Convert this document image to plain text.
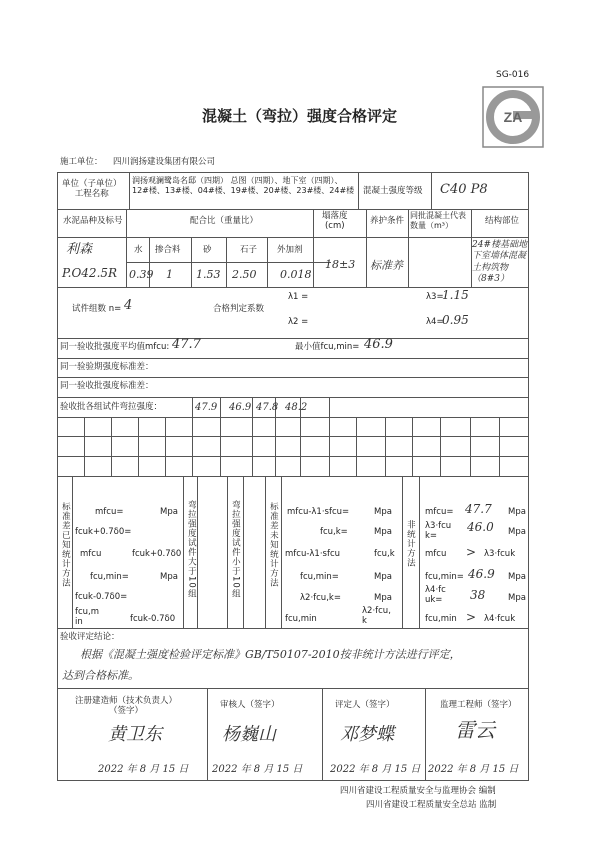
SG-016
ZA
混凝土（弯拉）强度合格评定
施工单位： 四川润扬建设集团有限公司
单位（子单位）
工程名称
润扬观澜鹭岛名邸（四期） 总图（四期）、地下室（四期）、12#楼、13#楼、04#楼、19#楼、20#楼、23#楼、24#楼 混凝土强度等级 C40 P8
水泥品种及标号	配合比（重量比）	塌落度
(cm)
养护条件
同批混凝土代表
数量（m³）	结构部位
利森
P.O42.5R
水 掺合料	砂	石子 外加剂
0.39 1 1.53 2.50 0.018
18±3 标准养
24#楼基础地下室墙体混凝土构筑物（8#3）
试件组数 n= 4	合格判定系数
λ1 =
λ2 =
λ3=
1.15
λ4=
0.95
同一验收批强度平均值mfcu: 47.7	最小值fcu,min= 46.9
同一验验期强度标准差：
同一验收批强度标准差：
验收批各组试件弯拉强度：	47.9 46.9 47.8 48.2
标准差已知统计方法	弯拉强度试件大于10组	弯拉强度试件小于10组	标准差未知统计方法	非统计方法
mfcu=	Mpa
fcuk+0.7δ0=
mfcu	fcuk+0.7δ0
fcu,min=	Mpa
fcuk-0.7δ0=
fcu,m
in	fcuk-0.7δ0
mfcu-λ1·sfcu=	Mpa
fcu,k=	Mpa
mfcu-λ1·sfcu	fcu,k
fcu,min=	Mpa
λ2·fcu,k=	Mpa
fcu,min
λ2·fcu,
k
mfcu= 47.7 Mpa
λ3·fcu
k=
46.0 Mpa
mfcu > λ3·fcuk
fcu,min= 46.9 Mpa
λ4·fc
uk= 38	Mpa
fcu,min > λ4·fcuk
验收评定结论：
根据《混凝土强度检验评定标准》GB/T50107-2010按非统计方法进行评定，
达到合格标准。
注册建造师（技术负责人）
（签字）
审核人（签字）	评定人（签字）	监理工程师（签字）
黄卫东	杨巍山	邓梦蝶	雷云
2022 年 8 月 15 日 2022 年 8 月 15 日	2022 年 8 月 15 日 2022 年 8 月 15 日
四川省建设工程质量安全与监理协会 编制
四川省建设工程质量安全总站 监制
